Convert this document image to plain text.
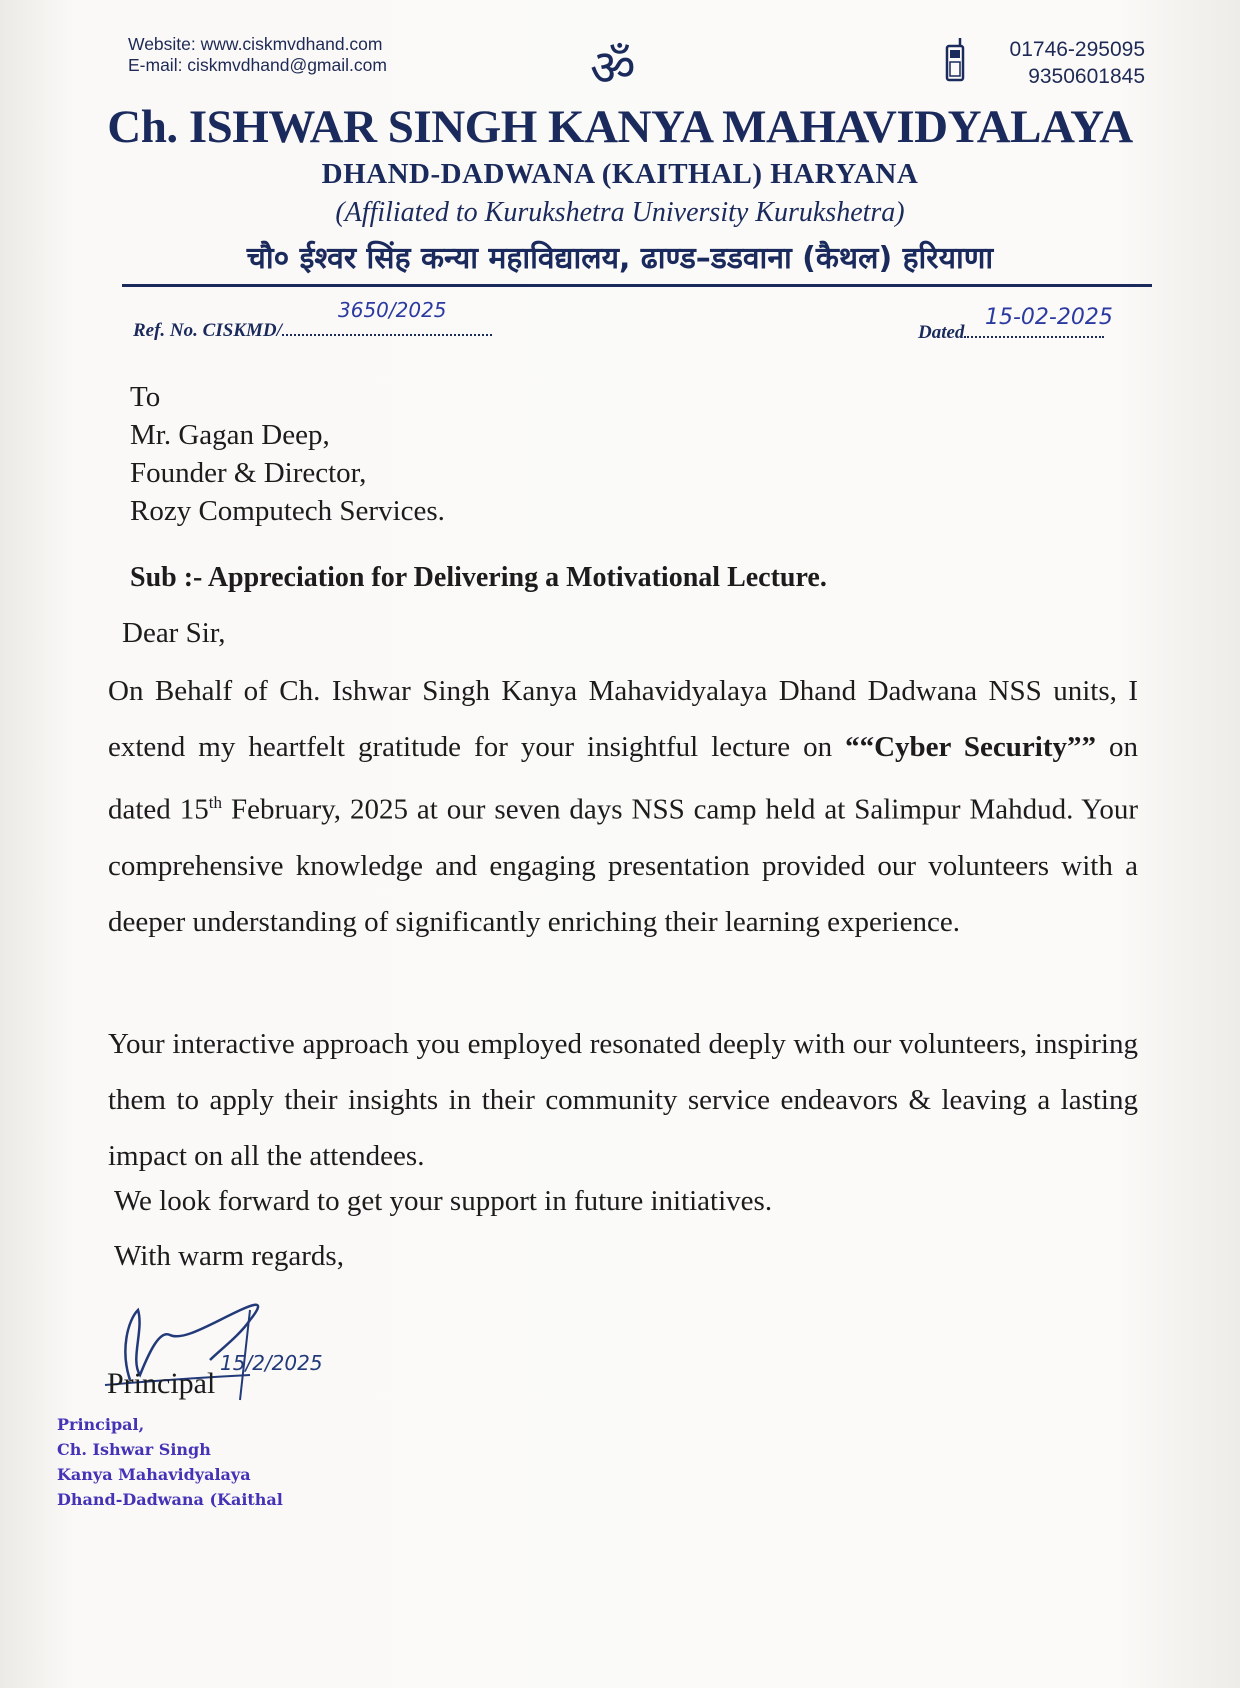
Website: www.ciskmvdhand.com
E-mail: ciskmvdhand@gmail.com	ॐ	01746-295095
9350601845
Ch. ISHWAR SINGH KANYA MAHAVIDYALAYA
DHAND-DADWANA (KAITHAL) HARYANA
(Affiliated to Kurukshetra University Kurukshetra)
चौ० ईश्वर सिंह कन्या महाविद्यालय, ढाण्ड–डडवाना (कैथल) हरियाणा
Ref. No. CISKMD/
3650/2025
Dated
15-02-2025
To
Mr. Gagan Deep,
Founder & Director,
Rozy Computech Services.
Sub :- Appreciation for Delivering a Motivational Lecture.
Dear Sir,
On Behalf of Ch. Ishwar Singh Kanya Mahavidyalaya Dhand Dadwana NSS units, I extend my heartfelt gratitude for your insightful lecture on ““Cyber Security”” on dated 15th February, 2025 at our seven days NSS camp held at Salimpur Mahdud. Your comprehensive knowledge and engaging presentation provided our volunteers with a deeper understanding of significantly enriching their learning experience.
Your interactive approach you employed resonated deeply with our volunteers, inspiring them to apply their insights in their community service endeavors & leaving a lasting impact on all the attendees.
We look forward to get your support in future initiatives.
With warm regards,
15/2/2025
Principal
Principal,
Ch. Ishwar Singh
Kanya Mahavidyalaya
Dhand-Dadwana (Kaithal
